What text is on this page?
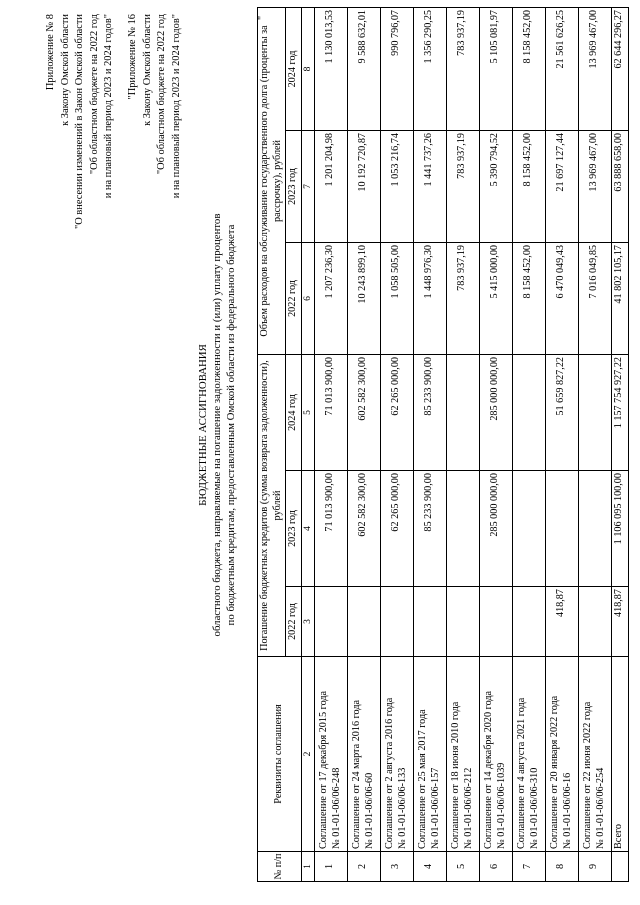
Приложение № 8 к Закону Омской области "О внесении изменений в Закон Омской области "Об областном бюджете на 2022 год и на плановый период 2023 и 2024 годов" "Приложение № 16 к Закону Омской области "Об областном бюджете на 2022 год и на плановый период 2023 и 2024 годов"
БЮДЖЕТНЫЕ АССИГНОВАНИЯ областного бюджета, направляемые на погашение задолженности и (или) уплату процентов по бюджетным кредитам, предоставленным Омской области из федерального бюджета
№ п/п	Реквизиты соглашения	Погашение бюджетных кредитов (сумма возврата задолженности), рублей			Объем расходов на обслуживание государственного долга (проценты за рассрочку), рублей		
		2022 год	2023 год	2024 год	2022 год	2023 год	2024 год
1	2	3	4	5	6	7	8
1	Соглашение от 17 декабря 2015 года № 01-01-06/06-248		71 013 900,00	71 013 900,00	1 207 236,30	1 201 204,98	1 130 013,53
2	Соглашение от 24 марта 2016 года № 01-01-06/06-60		602 582 300,00	602 582 300,00	10 243 899,10	10 192 720,87	9 588 632,01
3	Соглашение от 2 августа 2016 года № 01-01-06/06-133		62 265 000,00	62 265 000,00	1 058 505,00	1 053 216,74	990 796,07
4	Соглашение от 25 мая 2017 года № 01-01-06/06-157		85 233 900,00	85 233 900,00	1 448 976,30	1 441 737,26	1 356 290,25
5	Соглашение от 18 июня 2010 года № 01-01-06/06-212				783 937,19	783 937,19	783 937,19
6	Соглашение от 14 декабря 2020 года № 01-01-06/06-1039		285 000 000,00	285 000 000,00	5 415 000,00	5 390 794,52	5 105 081,97
7	Соглашение от 4 августа 2021 года № 01-01-06/06-310				8 158 452,00	8 158 452,00	8 158 452,00
8	Соглашение от 20 января 2022 года № 01-01-06/06-16	418,87		51 659 827,22	6 470 049,43	21 697 127,44	21 561 626,25
9	Соглашение от 22 июня 2022 года № 01-01-06/06-254				7 016 049,85	13 969 467,00	13 969 467,00
	Всего	418,87	1 106 095 100,00	1 157 754 927,22	41 802 105,17	63 888 658,00	62 644 296,27
"
